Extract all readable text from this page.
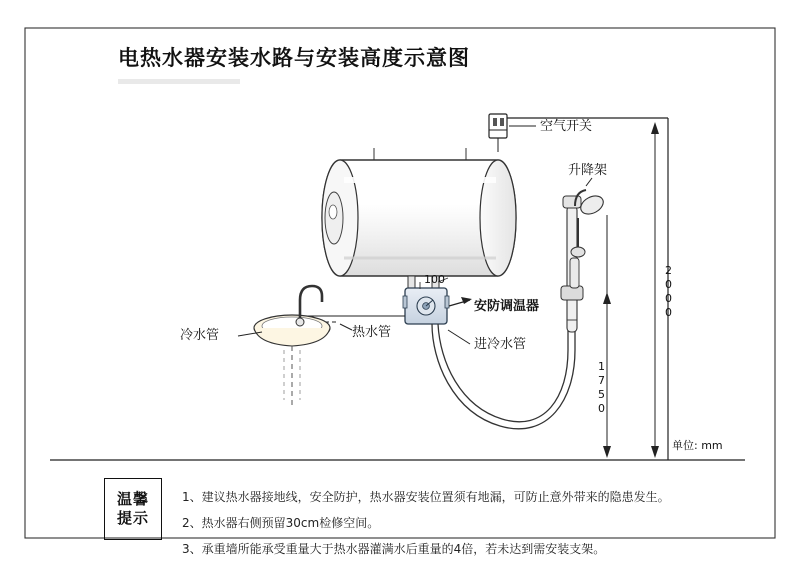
电热水器安装水路与安装高度示意图
空气开关
升降架
安防调温器
冷水管	热水管
进冷水管
2000
1750
100
单位: mm
温馨
提示
1、建议热水器接地线，安全防护，热水器安装位置须有地漏，可防止意外带来的隐患发生。
2、热水器右侧预留30cm检修空间。
3、承重墙所能承受重量大于热水器灌满水后重量的4倍，若未达到需安装支架。
